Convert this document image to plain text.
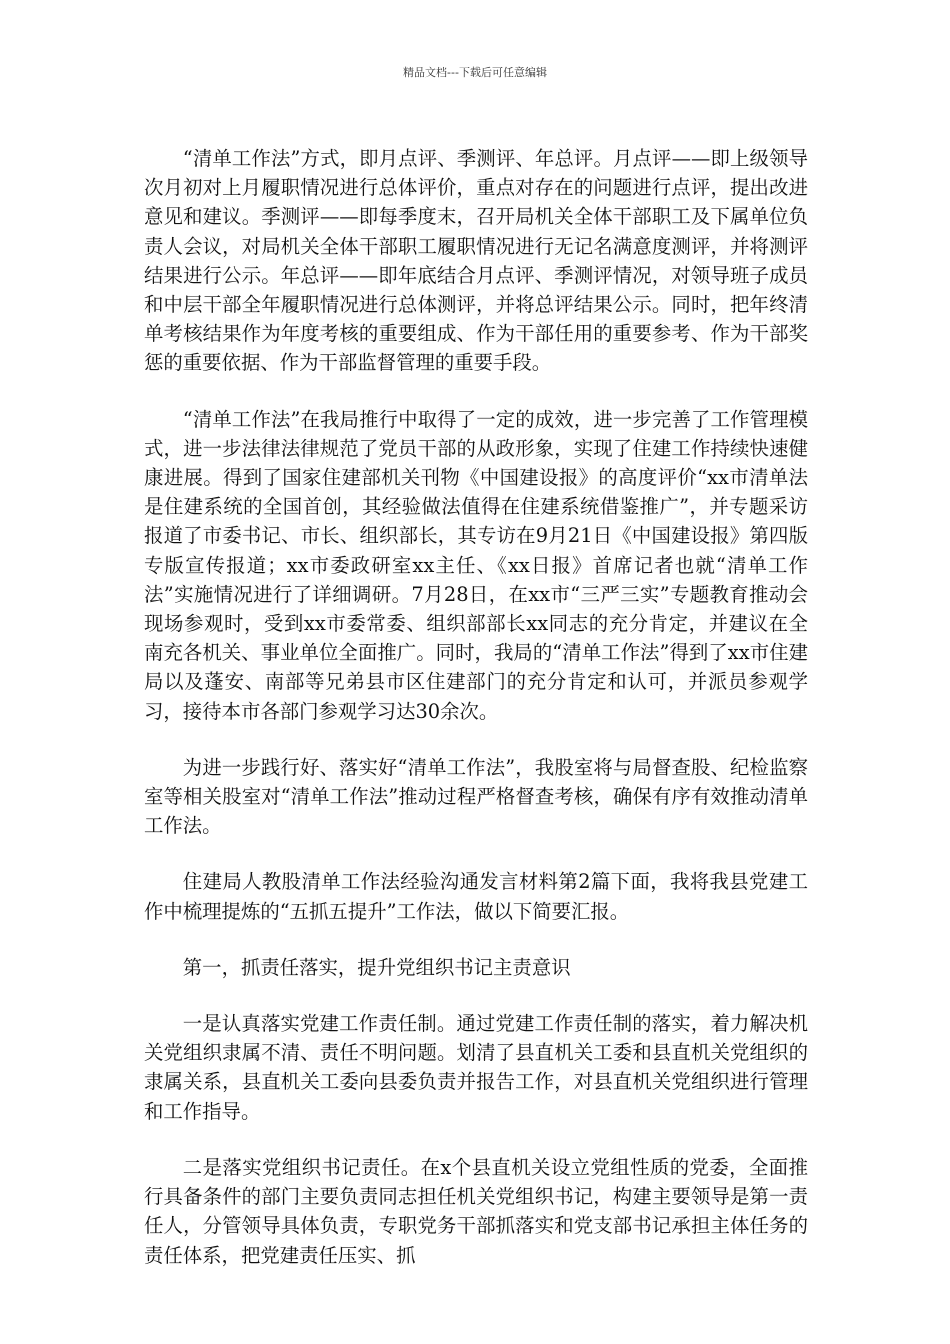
精品文档---下载后可任意编辑

“清单工作法”方式，即月点评、季测评、年总评。月点评——即上级领导次月初对上月履职情况进行总体评价，重点对存在的问题进行点评，提出改进意见和建议。季测评——即每季度末，召开局机关全体干部职工及下属单位负责人会议，对局机关全体干部职工履职情况进行无记名满意度测评，并将测评结果进行公示。年总评——即年底结合月点评、季测评情况，对领导班子成员和中层干部全年履职情况进行总体测评，并将总评结果公示。同时，把年终清单考核结果作为年度考核的重要组成、作为干部任用的重要参考、作为干部奖惩的重要依据、作为干部监督管理的重要手段。

“清单工作法”在我局推行中取得了一定的成效，进一步完善了工作管理模式，进一步法律法律规范了党员干部的从政形象，实现了住建工作持续快速健康进展。得到了国家住建部机关刊物《中国建设报》的高度评价“xx市清单法是住建系统的全国首创，其经验做法值得在住建系统借鉴推广”，并专题采访报道了市委书记、市长、组织部长，其专访在9月21日《中国建设报》第四版专版宣传报道；xx市委政研室xx主任、《xx日报》首席记者也就“清单工作法”实施情况进行了详细调研。7月28日，在xx市“三严三实”专题教育推动会现场参观时，受到xx市委常委、组织部部长xx同志的充分肯定，并建议在全南充各机关、事业单位全面推广。同时，我局的“清单工作法”得到了xx市住建局以及蓬安、南部等兄弟县市区住建部门的充分肯定和认可，并派员参观学习，接待本市各部门参观学习达30余次。

为进一步践行好、落实好“清单工作法”，我股室将与局督查股、纪检监察室等相关股室对“清单工作法”推动过程严格督查考核，确保有序有效推动清单工作法。

住建局人教股清单工作法经验沟通发言材料第2篇下面，我将我县党建工作中梳理提炼的“五抓五提升”工作法，做以下简要汇报。

第一，抓责任落实，提升党组织书记主责意识

一是认真落实党建工作责任制。通过党建工作责任制的落实，着力解决机关党组织隶属不清、责任不明问题。划清了县直机关工委和县直机关党组织的隶属关系，县直机关工委向县委负责并报告工作，对县直机关党组织进行管理和工作指导。

二是落实党组织书记责任。在x个县直机关设立党组性质的党委，全面推行具备条件的部门主要负责同志担任机关党组织书记，构建主要领导是第一责任人，分管领导具体负责，专职党务干部抓落实和党支部书记承担主体任务的责任体系，把党建责任压实、抓
